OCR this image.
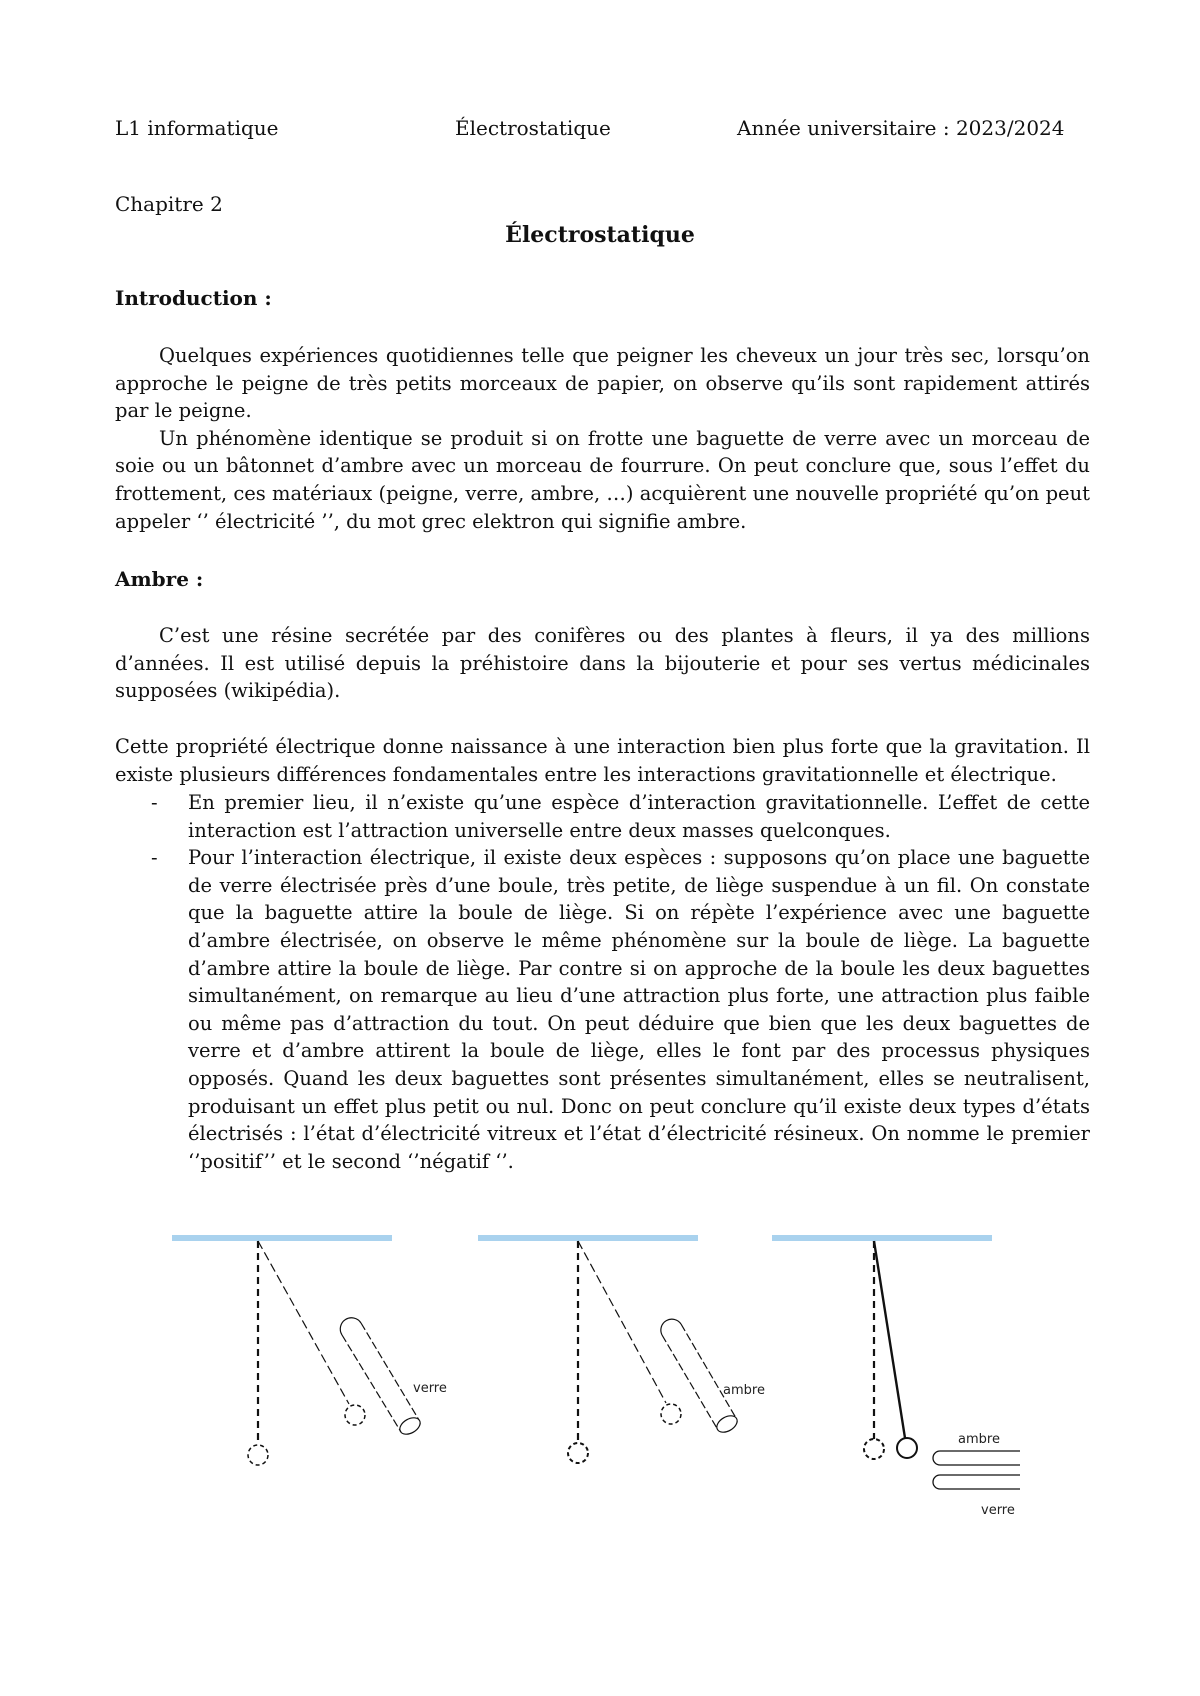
L1 informatique	Électrostatique	Année universitaire : 2023/2024
Chapitre 2
Électrostatique
Introduction :

Quelques expériences quotidiennes telle que peigner les cheveux un jour très sec, lorsqu’on approche le peigne de très petits morceaux de papier, on observe qu’ils sont rapidement attirés par le peigne.

Un phénomène identique se produit si on frotte une baguette de verre avec un morceau de soie ou un bâtonnet d’ambre avec un morceau de fourrure. On peut conclure que, sous l’effet du frottement, ces matériaux (peigne, verre, ambre, …) acquièrent une nouvelle propriété qu’on peut appeler ‘’ électricité ’’, du mot grec elektron qui signifie ambre.

Ambre :

C’est une résine secrétée par des conifères ou des plantes à fleurs, il ya des millions d’années. Il est utilisé depuis la préhistoire dans la bijouterie et pour ses vertus médicinales supposées (wikipédia).

Cette propriété électrique donne naissance à une interaction bien plus forte que la gravitation. Il existe plusieurs différences fondamentales entre les interactions gravitationnelle et électrique.

- En premier lieu, il n’existe qu’une espèce d’interaction gravitationnelle. L’effet de cette interaction est l’attraction universelle entre deux masses quelconques.
- Pour l’interaction électrique, il existe deux espèces : supposons qu’on place une baguette de verre électrisée près d’une boule, très petite, de liège suspendue à un fil. On constate que la baguette attire la boule de liège. Si on répète l’expérience avec une baguette d’ambre électrisée, on observe le même phénomène sur la boule de liège. La baguette d’ambre attire la boule de liège. Par contre si on approche de la boule les deux baguettes simultanément, on remarque au lieu d’une attraction plus forte, une attraction plus faible ou même pas d’attraction du tout. On peut déduire que bien que les deux baguettes de verre et d’ambre attirent la boule de liège, elles le font par des processus physiques opposés. Quand les deux baguettes sont présentes simultanément, elles se neutralisent, produisant un effet plus petit ou nul. Donc on peut conclure qu’il existe deux types d’états électrisés : l’état d’électricité vitreux et l’état d’électricité résineux. On nomme le premier ‘’positif’’ et le second ‘’négatif ‘’.
verre	ambre
ambre
verre
